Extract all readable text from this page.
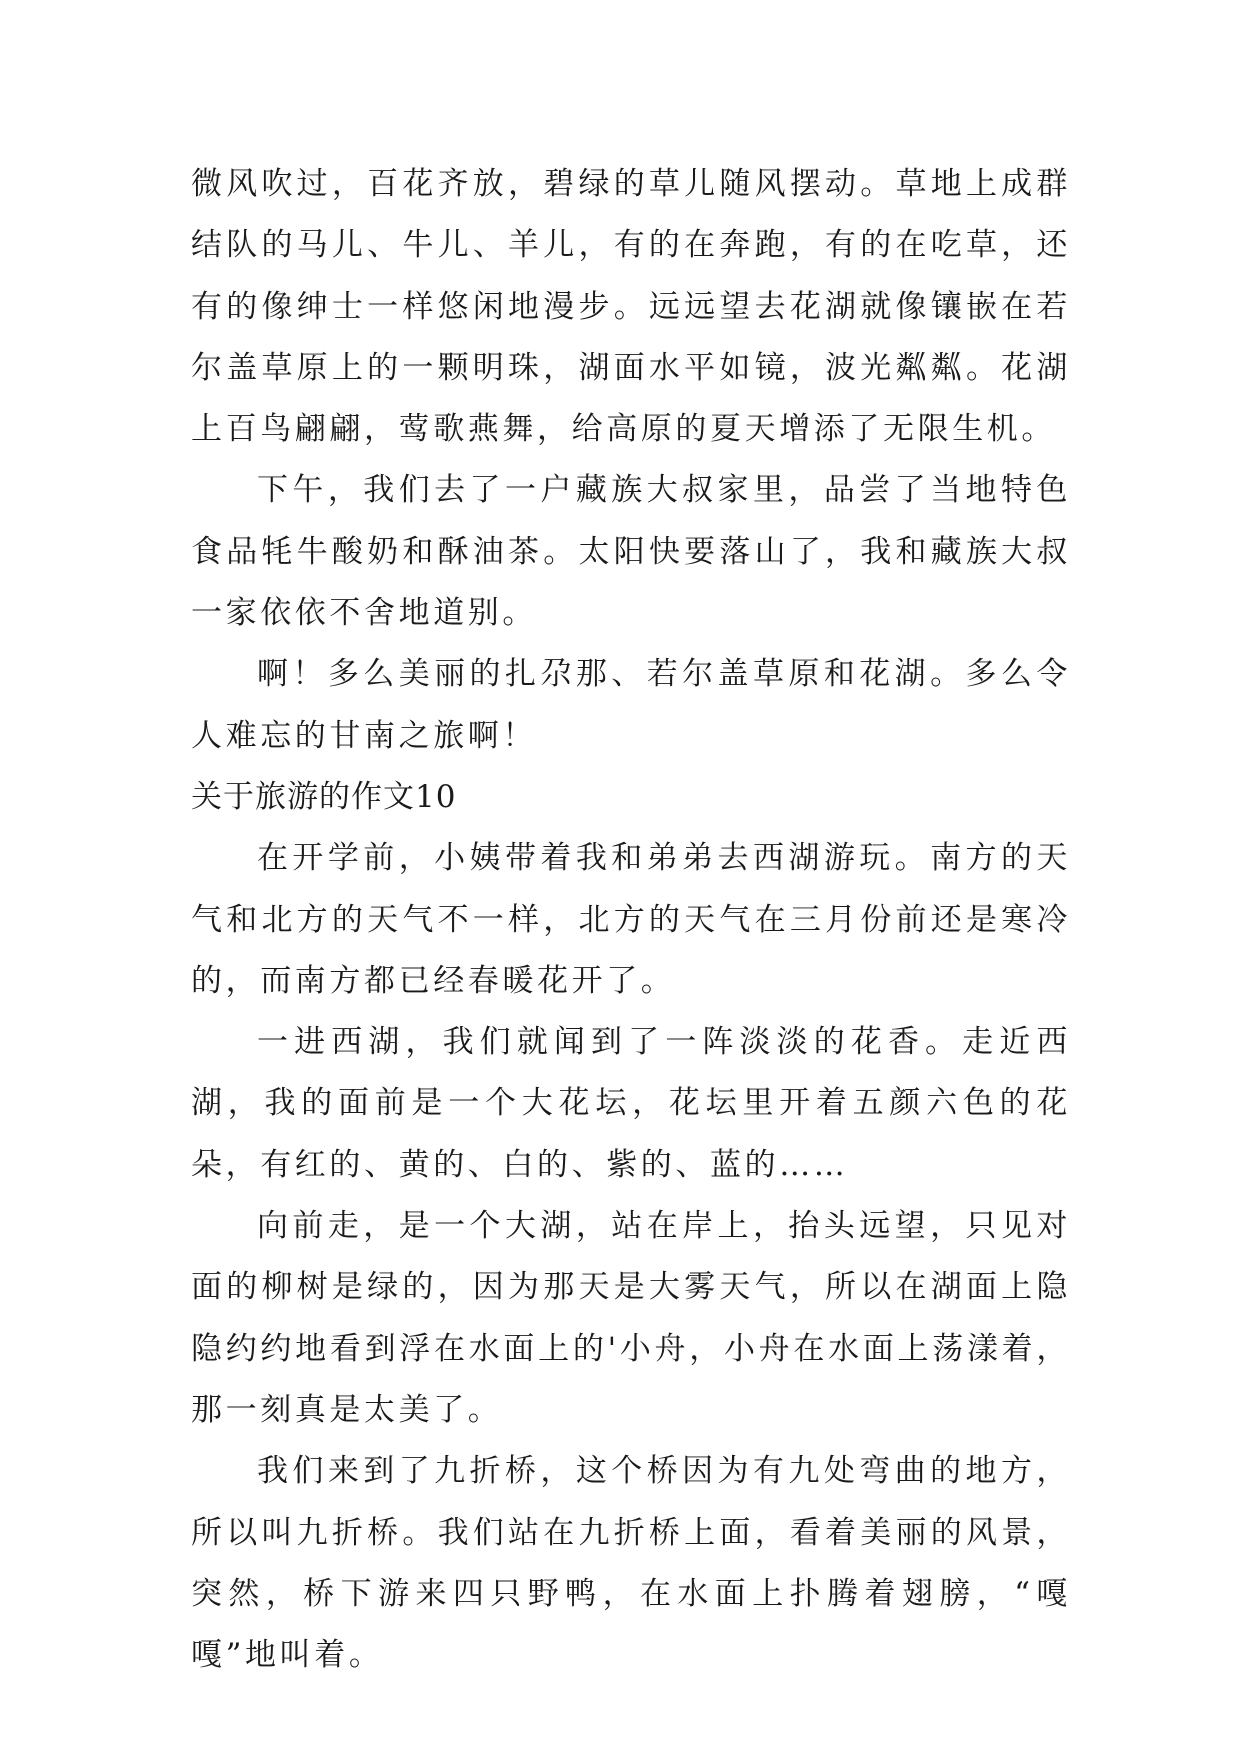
微风吹过，百花齐放，碧绿的草儿随风摆动。草地上成群结队的马儿、牛儿、羊儿，有的在奔跑，有的在吃草，还有的像绅士一样悠闲地漫步。远远望去花湖就像镶嵌在若尔盖草原上的一颗明珠，湖面水平如镜，波光粼粼。花湖上百鸟翩翩，莺歌燕舞，给高原的夏天增添了无限生机。

下午，我们去了一户藏族大叔家里，品尝了当地特色食品牦牛酸奶和酥油茶。太阳快要落山了，我和藏族大叔一家依依不舍地道别。

啊！多么美丽的扎尕那、若尔盖草原和花湖。多么令人难忘的甘南之旅啊！

关于旅游的作文10

在开学前，小姨带着我和弟弟去西湖游玩。南方的天气和北方的天气不一样，北方的天气在三月份前还是寒冷的，而南方都已经春暖花开了。

一进西湖，我们就闻到了一阵淡淡的花香。走近西湖，我的面前是一个大花坛，花坛里开着五颜六色的花朵，有红的、黄的、白的、紫的、蓝的……

向前走，是一个大湖，站在岸上，抬头远望，只见对面的柳树是绿的，因为那天是大雾天气，所以在湖面上隐隐约约地看到浮在水面上的'小舟，小舟在水面上荡漾着，那一刻真是太美了。

我们来到了九折桥，这个桥因为有九处弯曲的地方，所以叫九折桥。我们站在九折桥上面，看着美丽的风景，突然，桥下游来四只野鸭，在水面上扑腾着翅膀，“嘎嘎”地叫着。
